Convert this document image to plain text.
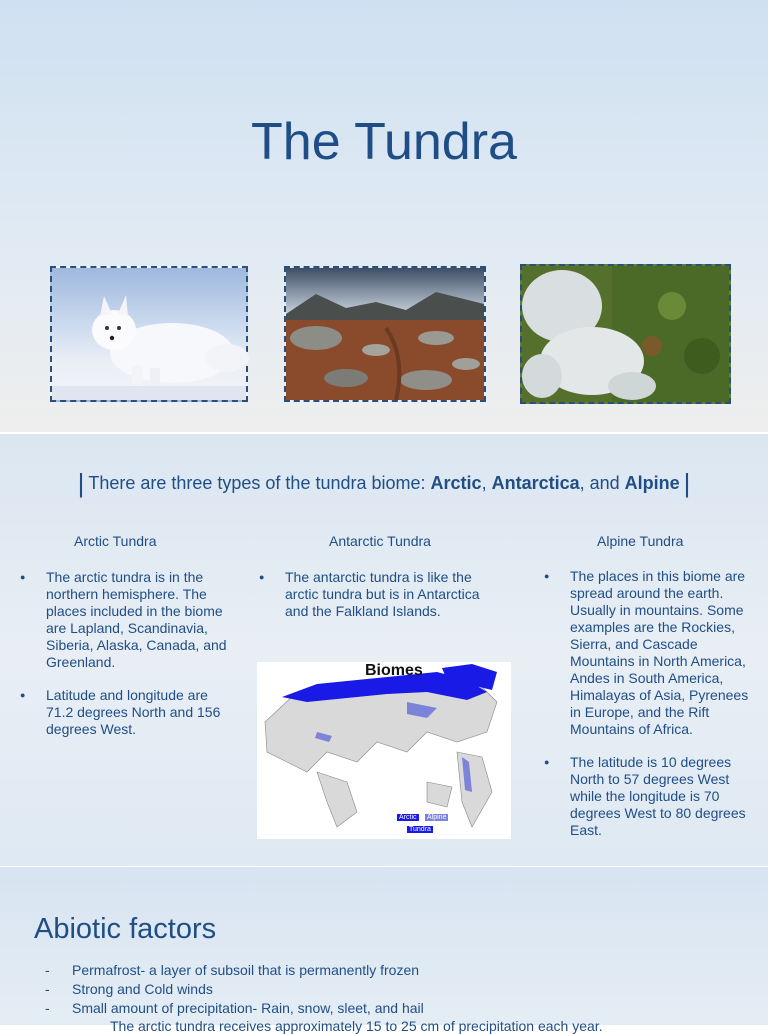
The Tundra
| There are three types of the tundra biome: Arctic, Antarctica, and Alpine |
Arctic Tundra	Antarctic Tundra	Alpine Tundra
● The arctic tundra is in the northern hemisphere. The places included in the biome are Lapland, Scandinavia, Siberia, Alaska, Canada, and Greenland.
● Latitude and longitude are 71.2 degrees North and 156 degrees West.
● The antarctic tundra is like the arctic tundra but is in Antarctica and the Falkland Islands.
● The places in this biome are spread around the earth. Usually in mountains. Some examples are the Rockies, Sierra, and Cascade Mountains in North America, Andes in South America, Himalayas of Asia, Pyrenees in Europe, and the Rift Mountains of Africa.
● The latitude is 10 degrees North to 57 degrees West while the longitude is 70 degrees West to 80 degrees East.
Biomes
Arctic Alpine
Tundra
Abiotic factors
- Permafrost- a layer of subsoil that is permanently frozen
- Strong and Cold winds
- Small amount of precipitation- Rain, snow, sleet, and hail
The arctic tundra receives approximately 15 to 25 cm of precipitation each year.
